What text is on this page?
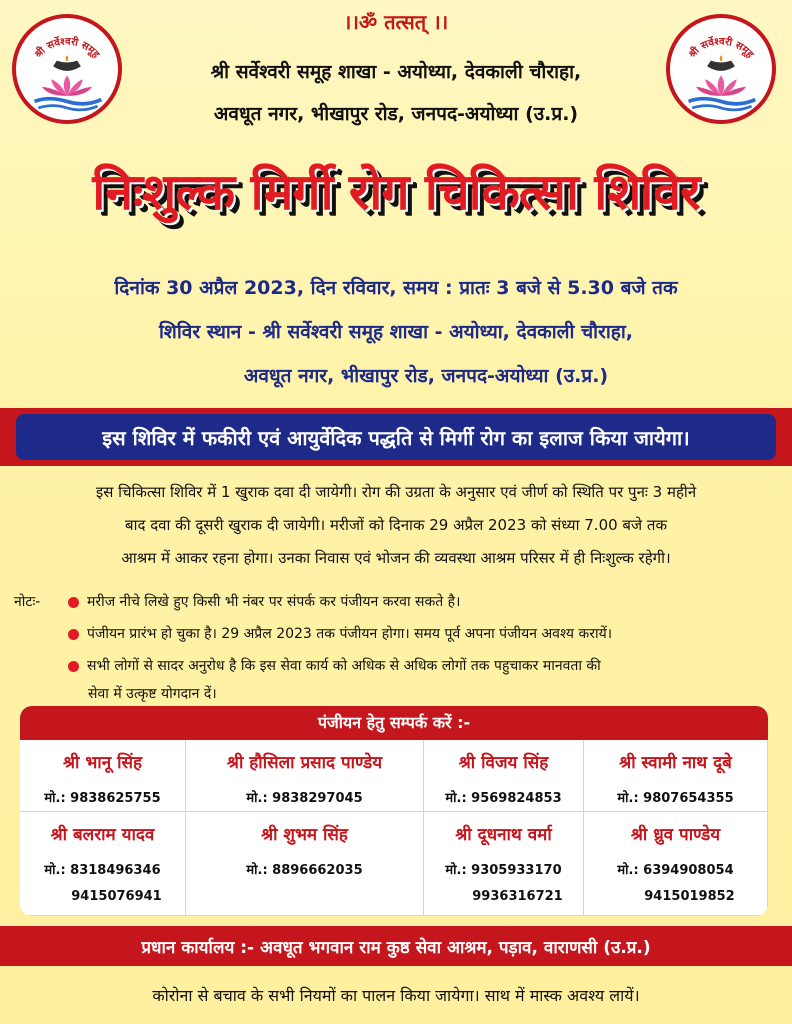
श्री सर्वेश्वरी समूह	श्री सर्वेश्वरी समूह
।।ॐ तत्सत् ।।
श्री सर्वेश्वरी समूह शाखा - अयोध्या, देवकाली चौराहा,
अवधूत नगर, भीखापुर रोड, जनपद-अयोध्या (उ.प्र.)
निःशुल्क मिर्गी रोग चिकित्सा शिविर
दिनांक 30 अप्रैल 2023, दिन रविवार, समय : प्रातः 3 बजे से 5.30 बजे तक
शिविर स्थान - श्री सर्वेश्वरी समूह शाखा - अयोध्या, देवकाली चौराहा,
अवधूत नगर, भीखापुर रोड, जनपद-अयोध्या (उ.प्र.)
इस शिविर में फकीरी एवं आयुर्वेदिक पद्धति से मिर्गी रोग का इलाज किया जायेगा।
इस चिकित्सा शिविर में 1 खुराक दवा दी जायेगी। रोग की उग्रता के अनुसार एवं जीर्ण को स्थिति पर पुनः 3 महीने
बाद दवा की दूसरी खुराक दी जायेगी। मरीजों को दिनाक 29 अप्रैल 2023 को संध्या 7.00 बजे तक
आश्रम में आकर रहना होगा। उनका निवास एवं भोजन की व्यवस्था आश्रम परिसर में ही निःशुल्क रहेगी।
नोटः-	मरीज नीचे लिखे हुए किसी भी नंबर पर संपर्क कर पंजीयन करवा सकते है।
पंजीयन प्रारंभ हो चुका है। 29 अप्रैल 2023 तक पंजीयन होगा। समय पूर्व अपना पंजीयन अवश्य करायें।
सभी लोगों से सादर अनुरोध है कि इस सेवा कार्य को अधिक से अधिक लोगों तक पहुचाकर मानवता की
सेवा में उत्कृष्ट योगदान दें।
पंजीयन हेतु सम्पर्क करें :-
श्री भानू सिंह
मो.: 9838625755
श्री हौसिला प्रसाद पाण्डेय
मो.: 9838297045
श्री विजय सिंह
मो.: 9569824853
श्री स्वामी नाथ दूबे
मो.: 9807654355
श्री बलराम यादव
मो.: 8318496346
9415076941
श्री शुभम सिंह
मो.: 8896662035
श्री दूधनाथ वर्मा
मो.: 9305933170
9936316721
श्री ध्रुव पाण्डेय
मो.: 6394908054
9415019852
प्रधान कार्यालय :- अवधूत भगवान राम कुष्ठ सेवा आश्रम, पड़ाव, वाराणसी (उ.प्र.)
कोरोना से बचाव के सभी नियमों का पालन किया जायेगा। साथ में मास्क अवश्य लायें।
